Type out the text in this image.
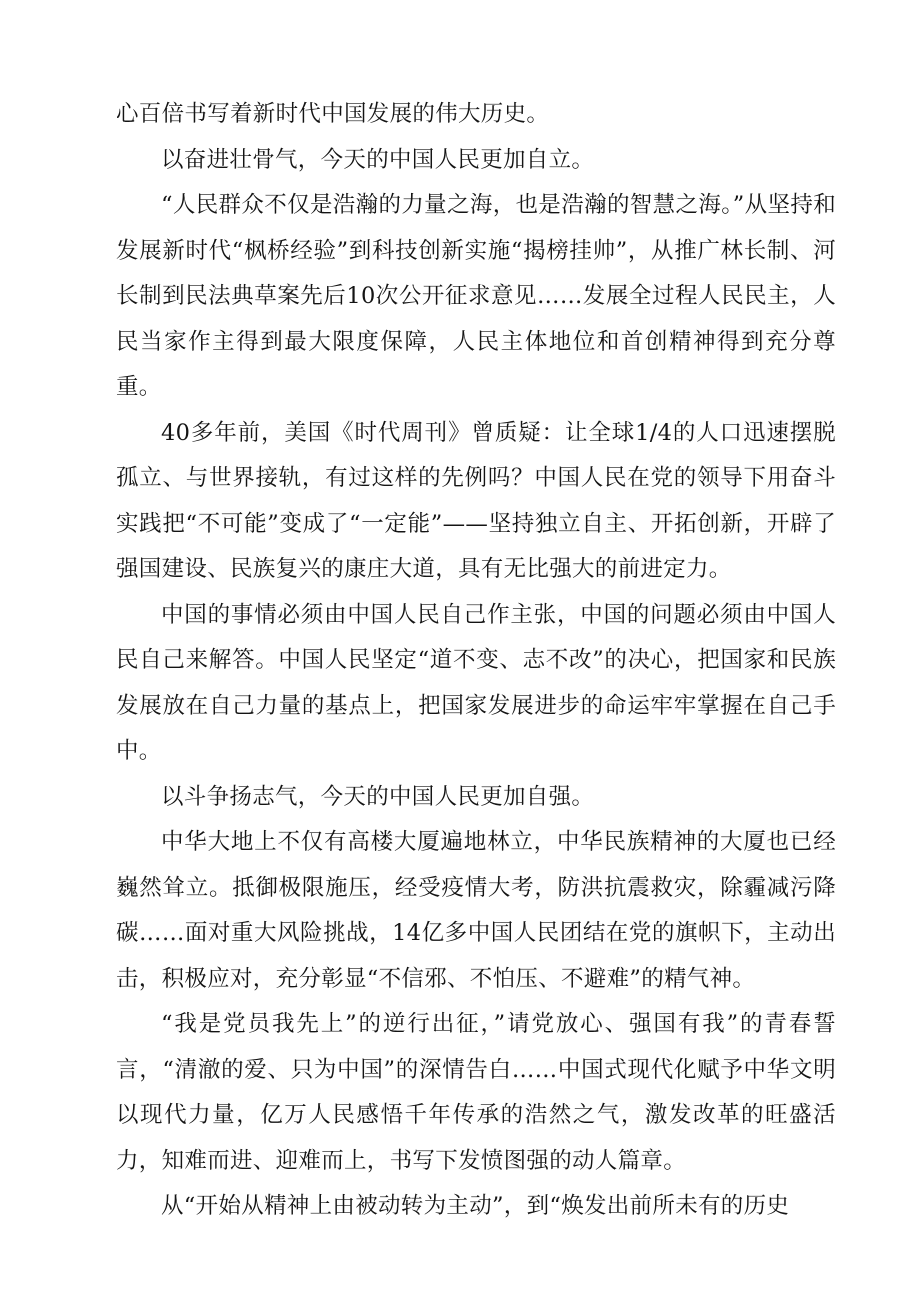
心百倍书写着新时代中国发展的伟大历史。

以奋进壮骨气，今天的中国人民更加自立。

“人民群众不仅是浩瀚的力量之海，也是浩瀚的智慧之海。”从坚持和发展新时代“枫桥经验”到科技创新实施“揭榜挂帅”，从推广林长制、河长制到民法典草案先后10次公开征求意见……发展全过程人民民主，人民当家作主得到最大限度保障，人民主体地位和首创精神得到充分尊重。

40多年前，美国《时代周刊》曾质疑：让全球1/4的人口迅速摆脱孤立、与世界接轨，有过这样的先例吗？中国人民在党的领导下用奋斗实践把“不可能”变成了“一定能”——坚持独立自主、开拓创新，开辟了强国建设、民族复兴的康庄大道，具有无比强大的前进定力。

中国的事情必须由中国人民自己作主张，中国的问题必须由中国人民自己来解答。中国人民坚定“道不变、志不改”的决心，把国家和民族发展放在自己力量的基点上，把国家发展进步的命运牢牢掌握在自己手中。

以斗争扬志气，今天的中国人民更加自强。

中华大地上不仅有高楼大厦遍地林立，中华民族精神的大厦也已经巍然耸立。抵御极限施压，经受疫情大考，防洪抗震救灾，除霾减污降碳……面对重大风险挑战，14亿多中国人民团结在党的旗帜下，主动出击，积极应对，充分彰显“不信邪、不怕压、不避难”的精气神。

“我是党员我先上”的逆行出征，”请党放心、强国有我”的青春誓言，“清澈的爱、只为中国”的深情告白……中国式现代化赋予中华文明以现代力量，亿万人民感悟千年传承的浩然之气，激发改革的旺盛活力，知难而进、迎难而上，书写下发愤图强的动人篇章。

从“开始从精神上由被动转为主动”，到“焕发出前所未有的历史
